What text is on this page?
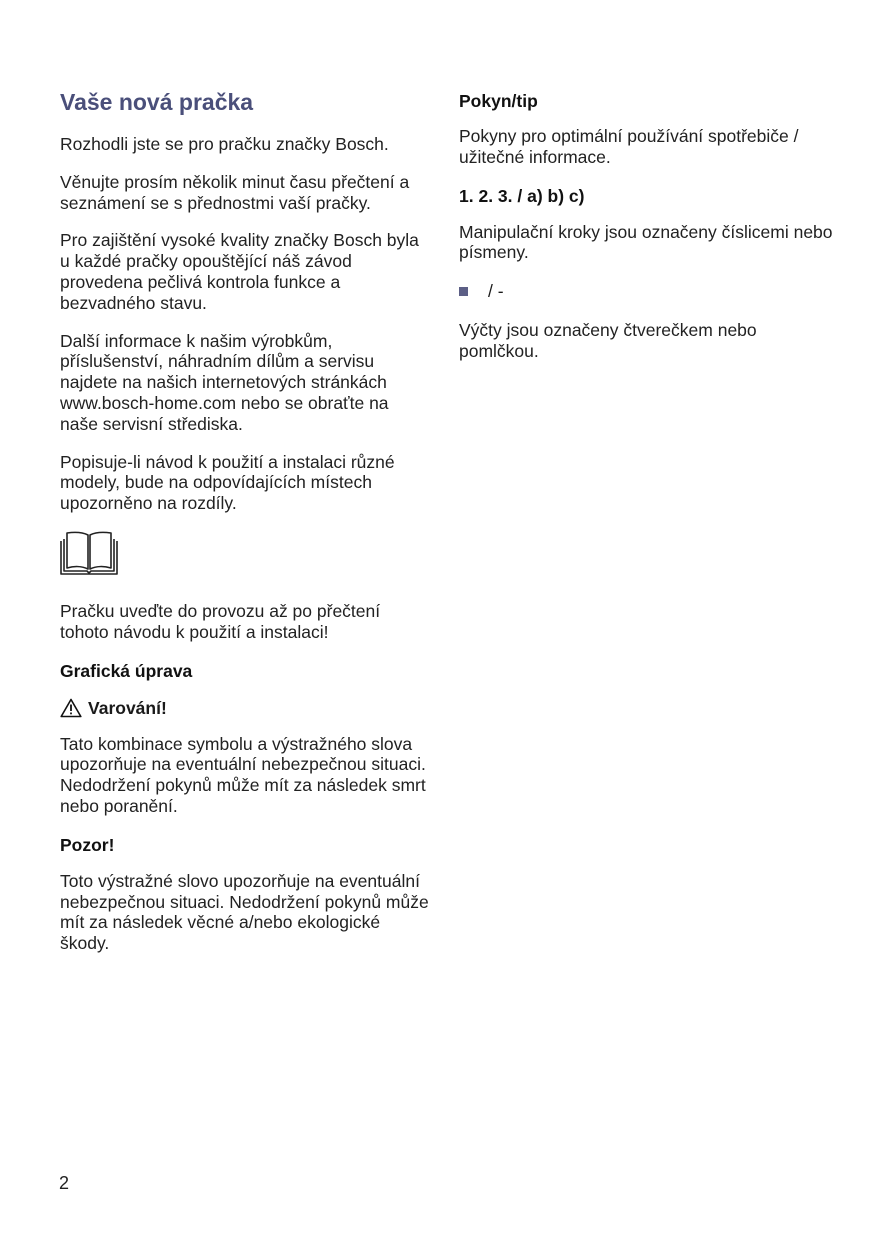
Vaše nová pračka

Rozhodli jste se pro pračku značky Bosch.

Věnujte prosím několik minut času přečtení a seznámení se s přednostmi vaší pračky.

Pro zajištění vysoké kvality značky Bosch byla u každé pračky opouštějící náš závod provedena pečlivá kontrola funkce a bezvadného stavu.

Další informace k našim výrobkům, příslušenství, náhradním dílům a servisu najdete na našich internetových stránkách www.bosch-home.com nebo se obraťte na naše servisní střediska.

Popisuje-li návod k použití a instalaci různé modely, bude na odpovídajících místech upozorněno na rozdíly.

Pračku uveďte do provozu až po přečtení tohoto návodu k použití a instalaci!

Grafická úprava
Varování!

Tato kombinace symbolu a výstražného slova upozorňuje na eventuální nebezpečnou situaci. Nedodržení pokynů může mít za následek smrt nebo poranění.

Pozor!

Toto výstražné slovo upozorňuje na eventuální nebezpečnou situaci. Nedodržení pokynů může mít za následek věcné a/nebo ekologické škody.

Pokyn/tip

Pokyny pro optimální používání spotřebiče / užitečné informace.

1. 2. 3. / a) b) c)

Manipulační kroky jsou označeny číslicemi nebo písmeny.

/ -

Výčty jsou označeny čtverečkem nebo pomlčkou.

2
